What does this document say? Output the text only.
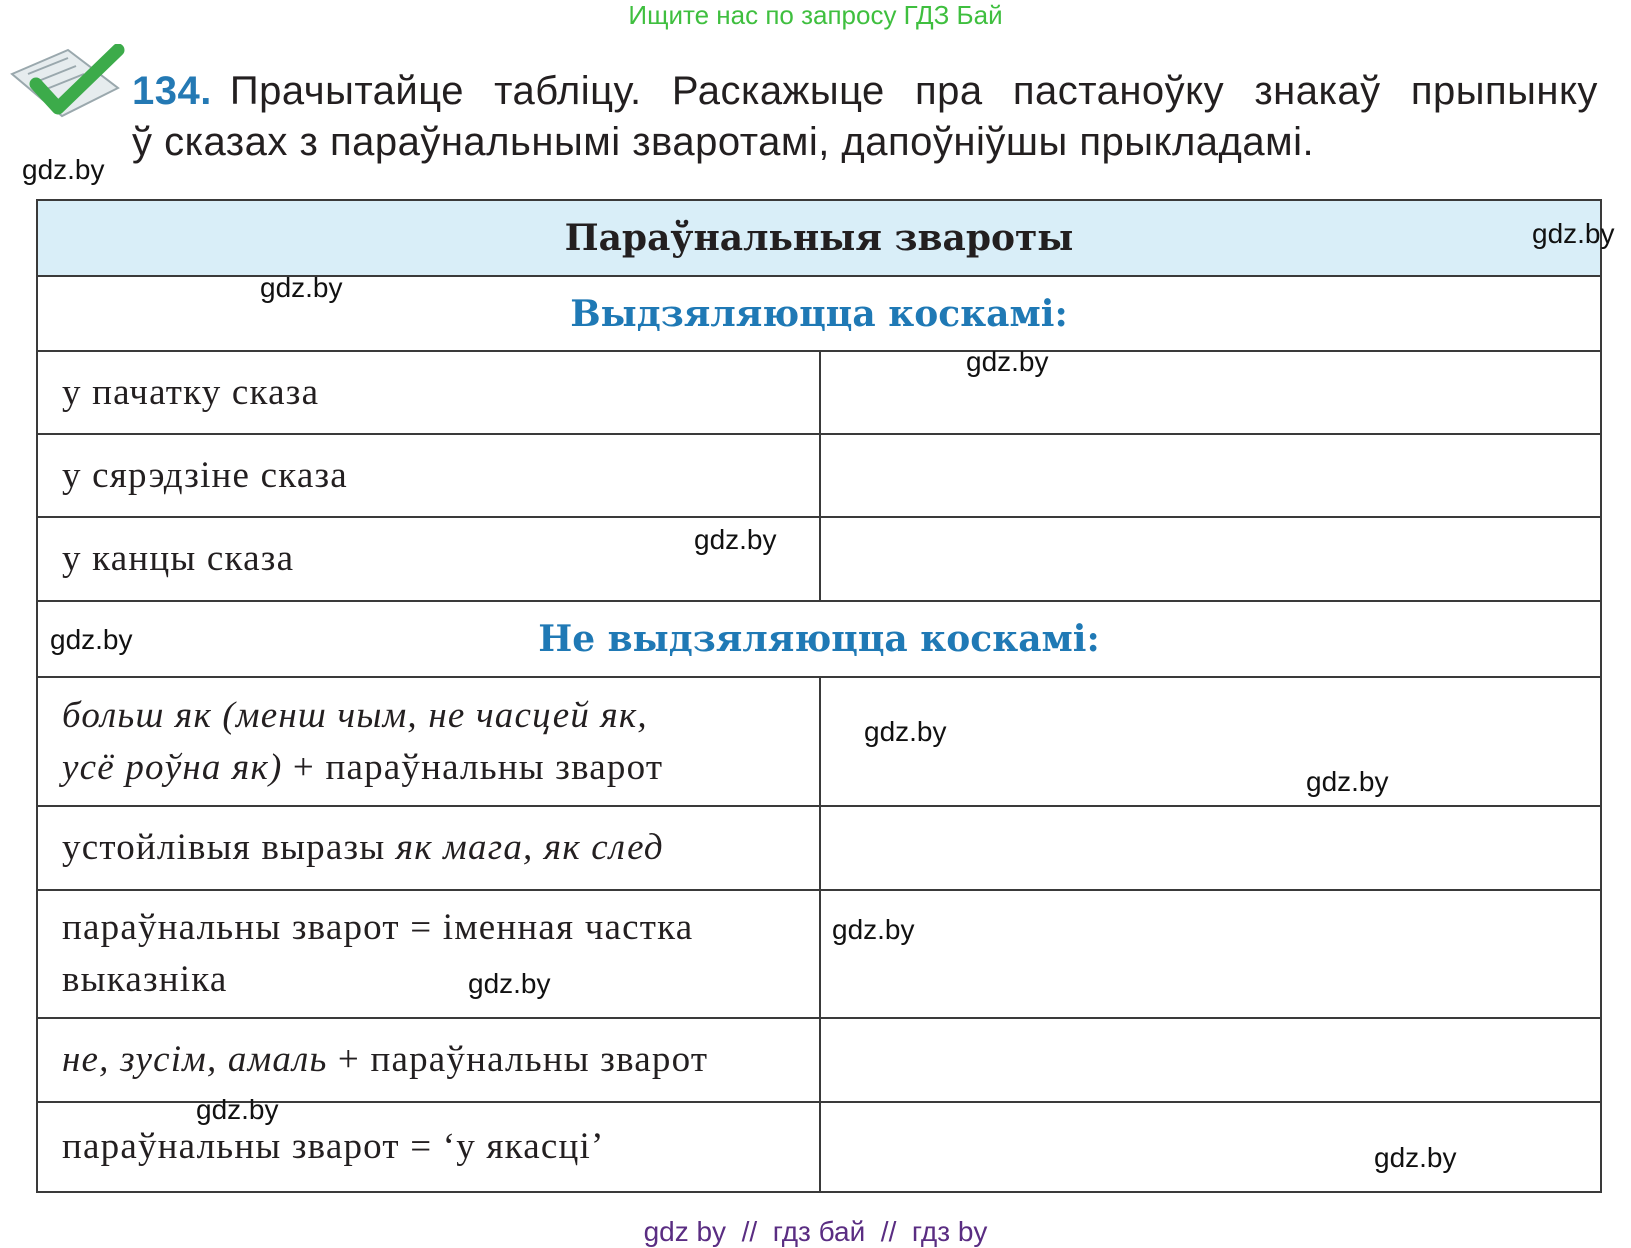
Ищите нас по запросу ГДЗ Бай
134. Прачытайце табліцу. Раскажыце пра пастаноўку знакаў прыпынку
ў сказах з параўнальнымі зваротамі, дапоўніўшы прыкладамі.
Параўнальныя звароты
Выдзяляюцца коскамі:
у пачатку сказа
у сярэдзіне сказа
у канцы сказа
Не выдзяляюцца коскамі:
больш як (менш чым, не часцей як,
усё роўна як) + параўнальны зварот
устойлівыя выразы як мага, як след
параўнальны зварот = іменная частка
выказніка
не, зусім, амаль + параўнальны зварот
параўнальны зварот = ‘у якасці’
gdz.by
gdz.by
gdz.by
gdz.by
gdz.by
gdz.by
gdz.by
gdz.by
gdz.by
gdz.by
gdz.by
gdz.by
gdz by  //  гдз бай  //  гдз by
